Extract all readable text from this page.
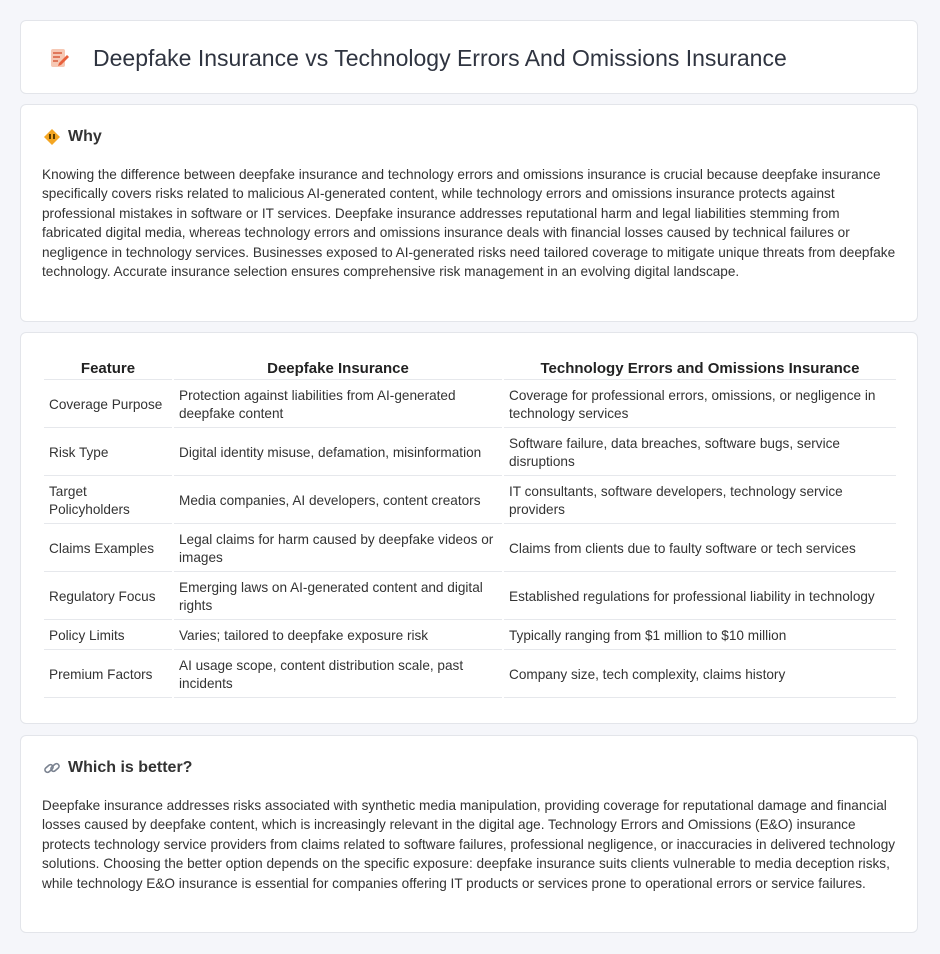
Deepfake Insurance vs Technology Errors And Omissions Insurance
Why

Knowing the difference between deepfake insurance and technology errors and omissions insurance is crucial because deepfake insurance specifically covers risks related to malicious AI-generated content, while technology errors and omissions insurance protects against professional mistakes in software or IT services. Deepfake insurance addresses reputational harm and legal liabilities stemming from fabricated digital media, whereas technology errors and omissions insurance deals with financial losses caused by technical failures or negligence in technology services. Businesses exposed to AI-generated risks need tailored coverage to mitigate unique threats from deepfake technology. Accurate insurance selection ensures comprehensive risk management in an evolving digital landscape.

Feature	Deepfake Insurance	Technology Errors and Omissions Insurance
Coverage Purpose	Protection against liabilities from AI-generated deepfake content	Coverage for professional errors, omissions, or negligence in technology services
Risk Type	Digital identity misuse, defamation, misinformation	Software failure, data breaches, software bugs, service disruptions
Target Policyholders	Media companies, AI developers, content creators	IT consultants, software developers, technology service providers
Claims Examples	Legal claims for harm caused by deepfake videos or images	Claims from clients due to faulty software or tech services
Regulatory Focus	Emerging laws on AI-generated content and digital rights	Established regulations for professional liability in technology
Policy Limits	Varies; tailored to deepfake exposure risk	Typically ranging from $1 million to $10 million
Premium Factors	AI usage scope, content distribution scale, past incidents	Company size, tech complexity, claims history
Which is better?

Deepfake insurance addresses risks associated with synthetic media manipulation, providing coverage for reputational damage and financial losses caused by deepfake content, which is increasingly relevant in the digital age. Technology Errors and Omissions (E&O) insurance protects technology service providers from claims related to software failures, professional negligence, or inaccuracies in delivered technology solutions. Choosing the better option depends on the specific exposure: deepfake insurance suits clients vulnerable to media deception risks, while technology E&O insurance is essential for companies offering IT products or services prone to operational errors or service failures.
